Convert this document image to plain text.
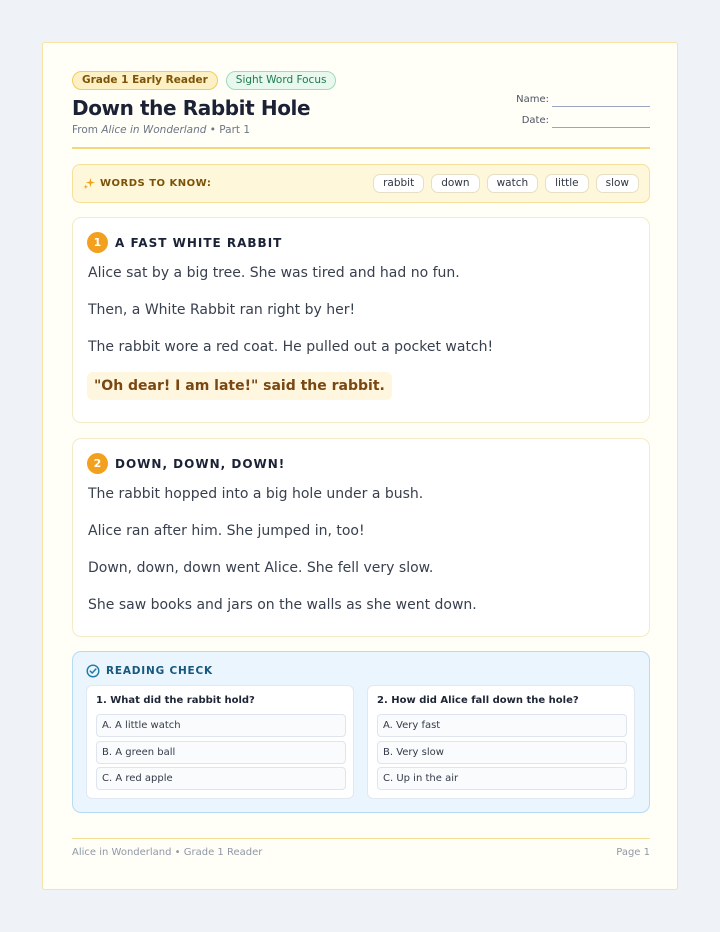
Grade 1 Early Reader	Sight Word Focus
Down the Rabbit Hole
From Alice in Wonderland • Part 1
Name:
Date:
WORDS TO KNOW:	rabbit	down	watch	little	slow
1	A FAST WHITE RABBIT
Alice sat by a big tree. She was tired and had no fun.
Then, a White Rabbit ran right by her!
The rabbit wore a red coat. He pulled out a pocket watch!
"Oh dear! I am late!" said the rabbit.
2	DOWN, DOWN, DOWN!
The rabbit hopped into a big hole under a bush.
Alice ran after him. She jumped in, too!
Down, down, down went Alice. She fell very slow.
She saw books and jars on the walls as she went down.
READING CHECK
1. What did the rabbit hold?
A. A little watch
B. A green ball
C. A red apple
2. How did Alice fall down the hole?
A. Very fast
B. Very slow
C. Up in the air
Alice in Wonderland • Grade 1 Reader	Page 1
